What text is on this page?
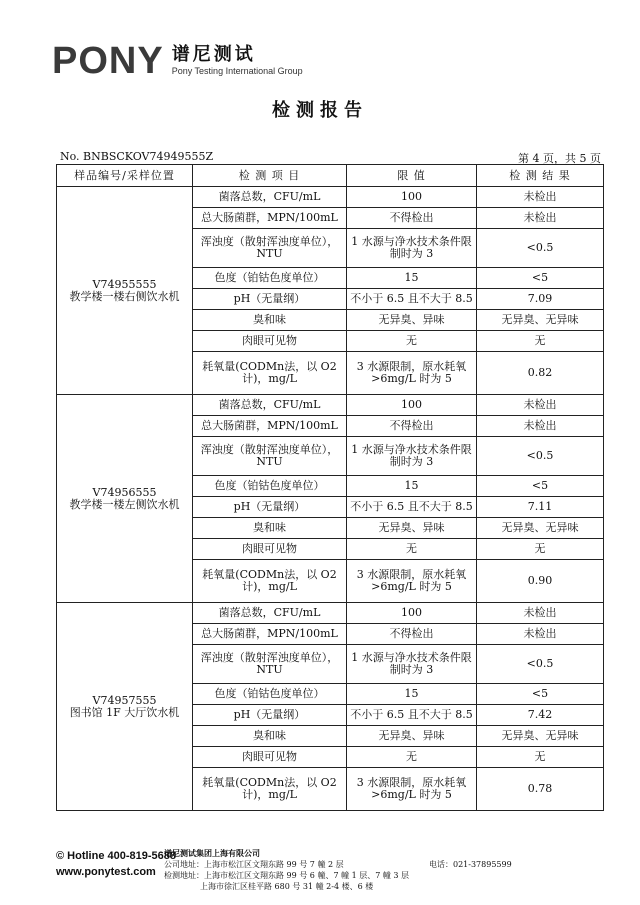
PONY 谱尼测试
Pony Testing International Group
检测报告
No. BNBSCKOV74949555Z	第 4 页，共 5 页
样品编号/采样位置	检 测 项 目	限 值	检 测 结 果

V74955555
教学楼一楼右侧饮水机	菌落总数，CFU/mL	100	未检出
	总大肠菌群，MPN/100mL	不得检出	未检出
	浑浊度（散射浑浊度单位），NTU	1 水源与净水技术条件限制时为 3	<0.5
	色度（铂钴色度单位）	15	<5
	pH（无量纲）	不小于 6.5 且不大于 8.5	7.09
	臭和味	无异臭、异味	无异臭、无异味
	肉眼可见物	无	无
	耗氧量(CODMn法，以 O2计)，mg/L	3 水源限制，原水耗氧 >6mg/L 时为 5	0.82

V74956555
教学楼一楼左侧饮水机	菌落总数，CFU/mL	100	未检出
	总大肠菌群，MPN/100mL	不得检出	未检出
	浑浊度（散射浑浊度单位），NTU	1 水源与净水技术条件限制时为 3	<0.5
	色度（铂钴色度单位）	15	<5
	pH（无量纲）	不小于 6.5 且不大于 8.5	7.11
	臭和味	无异臭、异味	无异臭、无异味
	肉眼可见物	无	无
	耗氧量(CODMn法，以 O2计)，mg/L	3 水源限制，原水耗氧 >6mg/L 时为 5	0.90

V74957555
图书馆 1F 大厅饮水机	菌落总数，CFU/mL	100	未检出
	总大肠菌群，MPN/100mL	不得检出	未检出
	浑浊度（散射浑浊度单位），NTU	1 水源与净水技术条件限制时为 3	<0.5
	色度（铂钴色度单位）	15	<5
	pH（无量纲）	不小于 6.5 且不大于 8.5	7.42
	臭和味	无异臭、异味	无异臭、无异味
	肉眼可见物	无	无
	耗氧量(CODMn法，以 O2计)，mg/L	3 水源限制，原水耗氧 >6mg/L 时为 5	0.78
© Hotline 400-819-5688
www.ponytest.com
谱尼测试集团上海有限公司
公司地址：上海市松江区文翔东路 99 号 7 幢 2 层
检测地址：上海市松江区文翔东路 99 号 6 幢、7 幢 1 层、7 幢 3 层
上海市徐汇区桂平路 680 号 31 幢 2-4 楼、6 楼
电话：021-37895599
